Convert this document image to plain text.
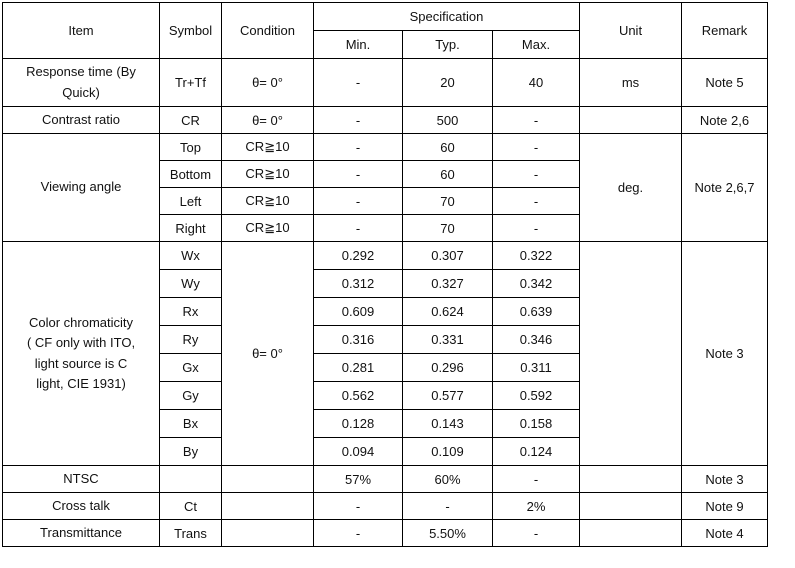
Item	Symbol	Condition	Specification			Unit	Remark
			Min.	Typ.	Max.		

Response time (By
Quick)	Tr+Tf	θ= 0°	-	20	40	ms	Note 5
Contrast ratio	CR	θ= 0°	-	500	-		Note 2,6
Viewing angle	Top	CR≧10	-	60	-	deg.	Note 2,6,7
	Bottom	CR≧10	-	60	-		
	Left	CR≧10	-	70	-		
	Right	CR≧10	-	70	-		

Color chromaticity
( CF only with ITO,
light source is C
light, CIE 1931)	Wx	θ= 0°	0.292	0.307	0.322		Note 3
	Wy		0.312	0.327	0.342		
	Rx		0.609	0.624	0.639		
	Ry		0.316	0.331	0.346		
	Gx		0.281	0.296	0.311		
	Gy		0.562	0.577	0.592		
	Bx		0.128	0.143	0.158		
	By		0.094	0.109	0.124		
NTSC			57%	60%	-		Note 3
Cross talk	Ct		-	-	2%		Note 9
Transmittance	Trans		-	5.50%	-		Note 4
